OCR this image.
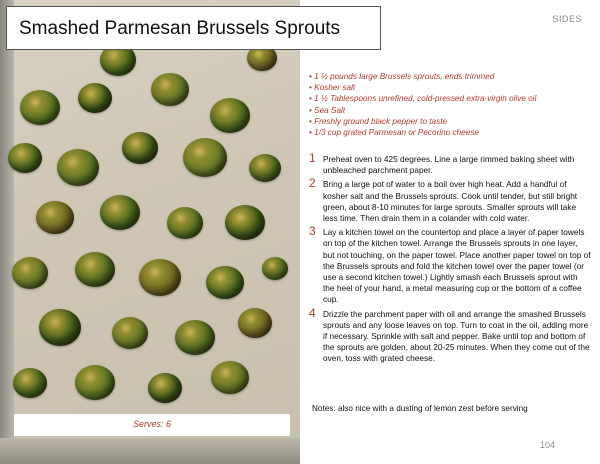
Smashed Parmesan Brussels Sprouts	SIDES
Serves: 6
• 1 ½ pounds large Brussels sprouts, ends trimmed
• Kosher salt
• 1 ½ Tablespoons unrefined, cold-pressed extra-virgin olive oil
• Sea Salt
• Freshly ground black pepper to taste
• 1/3 cup grated Parmesan or Pecorino cheese
1 Preheat oven to 425 degrees. Line a large rimmed baking sheet with unbleached parchment paper.
2 Bring a large pot of water to a boil over high heat. Add a handful of kosher salt and the Brussels sprouts. Cook until tender, but still bright green, about 8-10 minutes for large sprouts. Smaller sprouts will take less time. Then drain them in a colander with cold water.
3 Lay a kitchen towel on the countertop and place a layer of paper towels on top of the kitchen towel. Arrange the Brussels sprouts in one layer, but not touching, on the paper towel. Place another paper towel on top of the Brussels sprouts and fold the kitchen towel over the paper towel (or use a second kitchen towel.) Lightly smash each Brussels sprout with the heel of your hand, a metal measuring cup or the bottom of a coffee cup.
4 Drizzle the parchment paper with oil and arrange the smashed Brussels sprouts and any loose leaves on top. Turn to coat in the oil, adding more if necessary. Sprinkle with salt and pepper. Bake until top and bottom of the sprouts are golden, about 20-25 minutes. When they come out of the oven, toss with grated cheese.
Notes: also nice with a dusting of lemon zest before serving
104
